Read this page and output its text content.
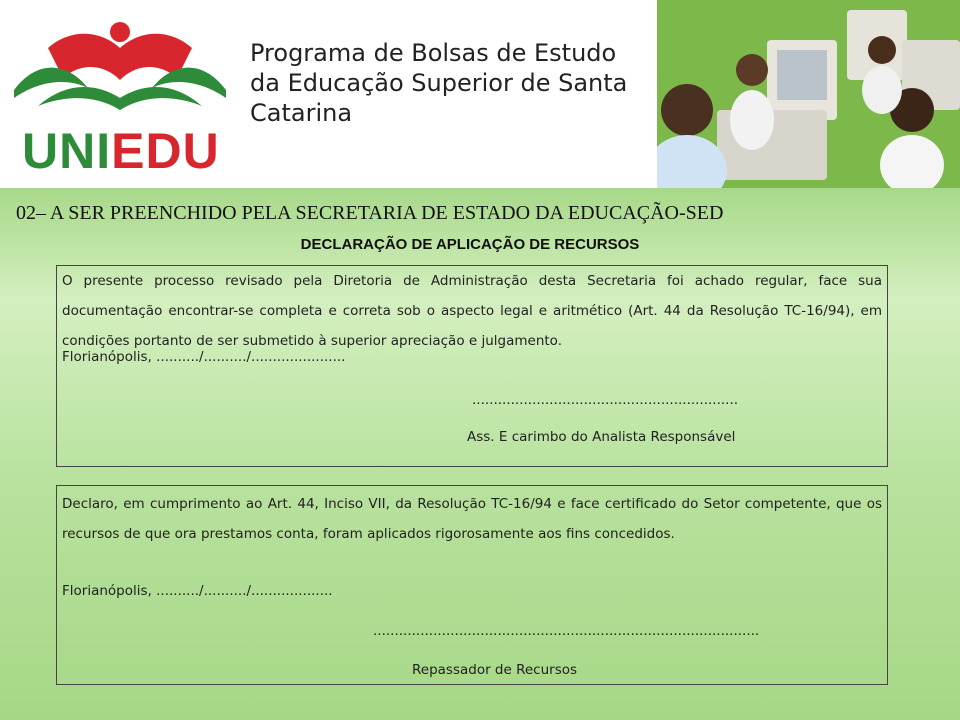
UNIEDU
Programa de Bolsas de Estudo da Educação Superior de Santa Catarina
02– A SER PREENCHIDO PELA SECRETARIA DE ESTADO DA EDUCAÇÃO-SED
DECLARAÇÃO DE APLICAÇÃO DE RECURSOS

O presente processo revisado pela Diretoria de Administração desta Secretaria foi achado regular, face sua documentação encontrar-se completa e correta sob o aspecto legal e aritmético (Art. 44 da Resolução TC-16/94), em condições portanto de ser submetido à superior apreciação e julgamento.

Florianópolis, ........../........../......................
..............................................................
Ass. E carimbo do Analista Responsável

Declaro, em cumprimento ao Art. 44, Inciso VII, da Resolução TC-16/94 e face certificado do Setor competente, que os recursos de que ora prestamos conta, foram aplicados rigorosamente aos fins concedidos.

Florianópolis, ........../........../...................
..........................................................................................
Repassador de Recursos
